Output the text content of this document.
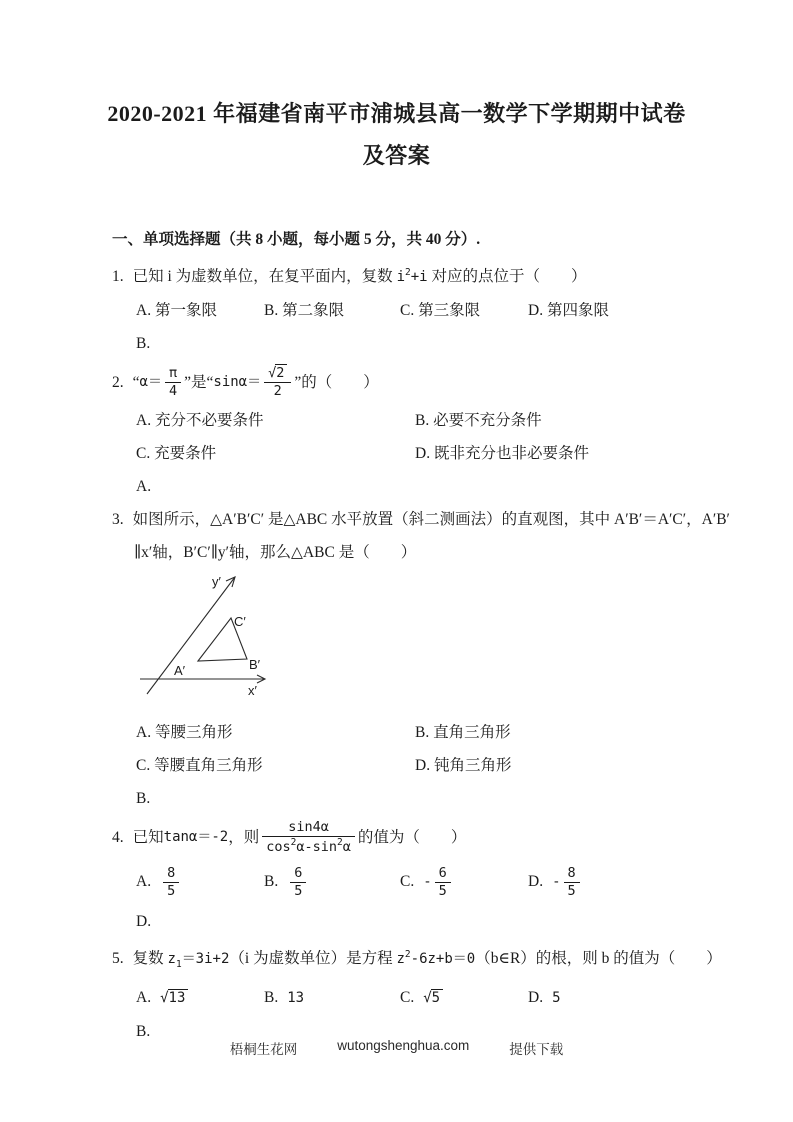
2020-2021 年福建省南平市浦城县高一数学下学期期中试卷
及答案
一、单项选择题（共 8 小题，每小题 5 分，共 40 分）.

1. 已知 i 为虚数单位，在复平面内，复数 $i^2+i$ 对应的点位于（　　）

A. 第一象限	B. 第二象限	C. 第三象限	D. 第四象限

B.

2. “ $\alpha= \frac{\pi}{4}$ ” 是 “ $\sin\alpha= \frac{√2}{2}$ ” 的（　　）

A. 充分不必要条件	B. 必要不充分条件
C. 充要条件	D. 既非充分也非必要条件

A.

3. 如图所示，△A′B′C′ 是△ABC 水平放置（斜二测画法）的直观图，其中 A′B′＝A′C′，A′B′

∥x′轴，B′C′∥y′轴，那么△ABC 是（　　）

y′
x′
A′	B′
C′
A. 等腰三角形	B. 直角三角形
C. 等腰直角三角形	D. 钝角三角形

B.

4. 已知 tanα＝-2 ，则 $\frac{\sin 4\alpha}{\cos^2\alpha-\sin^2\alpha}$ 的值为（　　）

A. $\frac{8}{5}$	B. $\frac{6}{5}$	C. - $\frac{6}{5}$	D. - $\frac{8}{5}$

D.

5. 复数 $z_1=3i+2(i$ 为虚数单位）是方程 $z^2-6z+b=0(b\in R)$的根，则 b 的值为（　　）

A. √13	B. 13	C. √5	D. 5

B.

梧桐生花网	wutongshenghua.com	提供下载
